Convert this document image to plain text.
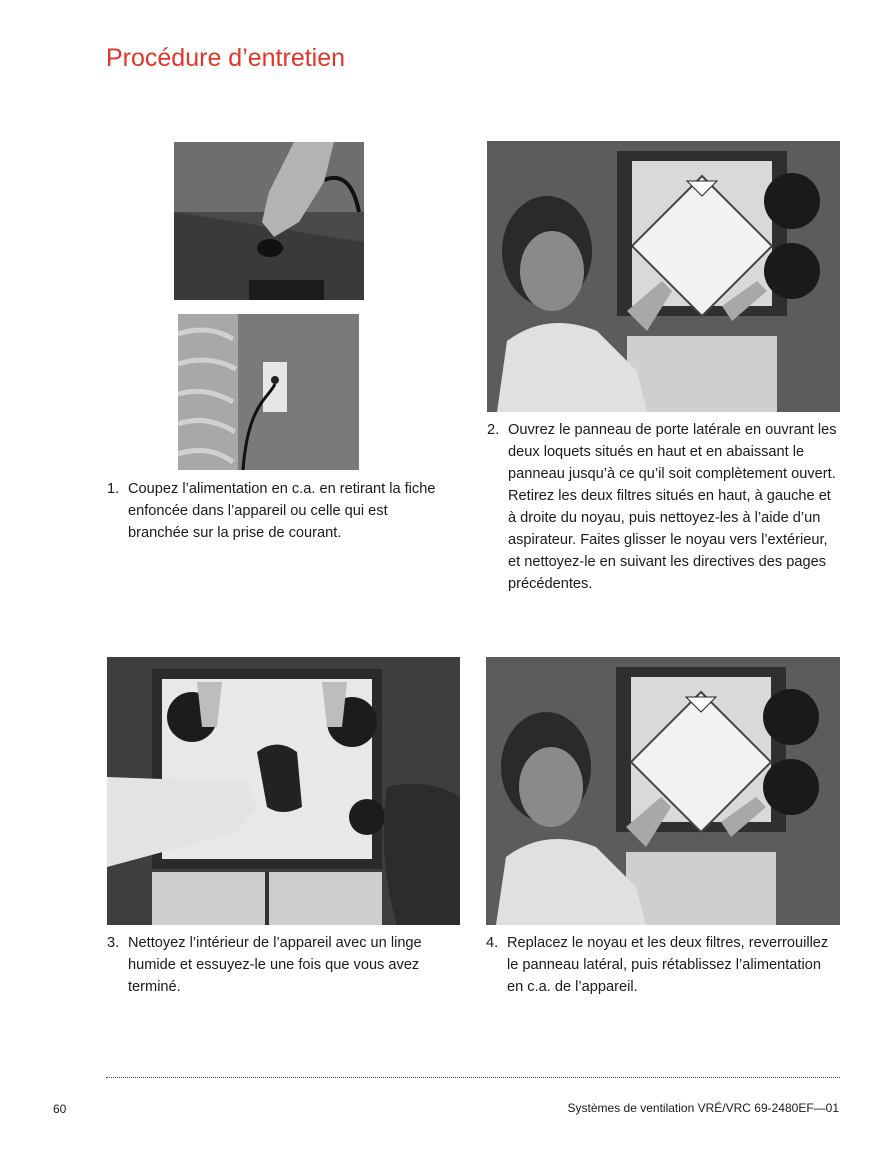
Procédure d’entretien
1. Coupez l’alimentation en c.a. en retirant la fiche enfoncée dans l’appareil ou celle qui est branchée sur la prise de courant.
2. Ouvrez le panneau de porte latérale en ouvrant les deux loquets situés en haut et en abaissant le panneau jusqu’à ce qu’il soit complètement ouvert. Retirez les deux filtres situés en haut, à gauche et à droite du noyau, puis nettoyez-les à l’aide d’un aspirateur. Faites glisser le noyau vers l’extérieur, et nettoyez-le en suivant les directives des pages précédentes.
3. Nettoyez l’intérieur de l’appareil avec un linge humide et essuyez-le une fois que vous avez terminé.
4. Replacez le noyau et les deux filtres, reverrouillez le panneau latéral, puis rétablissez l’alimentation en c.a. de l’appareil.
60	Systèmes de ventilation VRÉ/VRC 69-2480EF—01
